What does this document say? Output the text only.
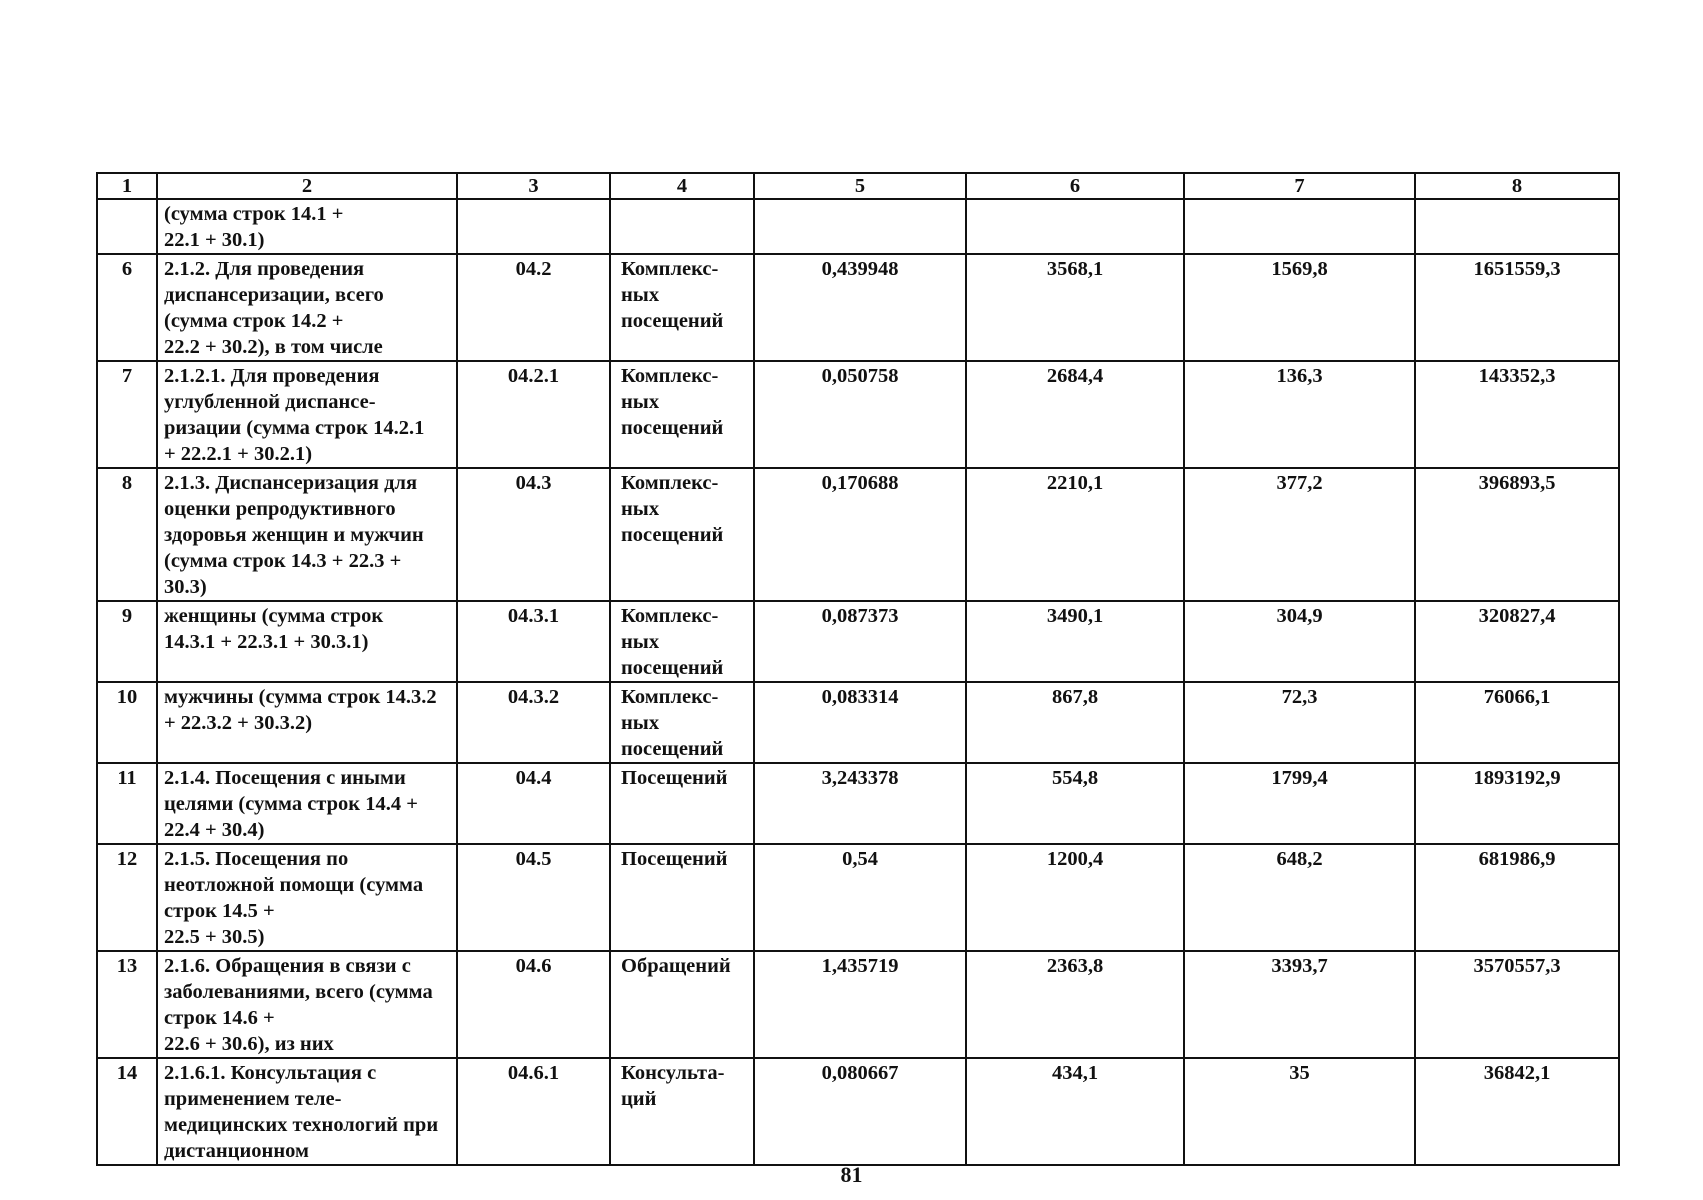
1	2	3	4	5	6	7	8
	(сумма строк 14.1 +
22.1 + 30.1)						
6	2.1.2. Для проведения
диспансеризации, всего
(сумма строк 14.2 +
22.2 + 30.2), в том числе	04.2	Комплекс-
ных
посещений	0,439948	3568,1	1569,8	1651559,3
7	2.1.2.1. Для проведения
углубленной диспансе-
ризации (сумма строк 14.2.1
+ 22.2.1 + 30.2.1)	04.2.1	Комплекс-
ных
посещений	0,050758	2684,4	136,3	143352,3
8	2.1.3. Диспансеризация для
оценки репродуктивного
здоровья женщин и мужчин
(сумма строк 14.3 + 22.3 +
30.3)	04.3	Комплекс-
ных
посещений	0,170688	2210,1	377,2	396893,5
9	женщины (сумма строк
14.3.1 + 22.3.1 + 30.3.1)	04.3.1	Комплекс-
ных
посещений	0,087373	3490,1	304,9	320827,4
10	мужчины (сумма строк 14.3.2
+ 22.3.2 + 30.3.2)	04.3.2	Комплекс-
ных
посещений	0,083314	867,8	72,3	76066,1
11	2.1.4. Посещения с иными
целями (сумма строк 14.4 +
22.4 + 30.4)	04.4	Посещений	3,243378	554,8	1799,4	1893192,9
12	2.1.5. Посещения по
неотложной помощи (сумма
строк 14.5 +
22.5 + 30.5)	04.5	Посещений	0,54	1200,4	648,2	681986,9
13	2.1.6. Обращения в связи с
заболеваниями, всего (сумма
строк 14.6 +
22.6 + 30.6), из них	04.6	Обращений	1,435719	2363,8	3393,7	3570557,3
14	2.1.6.1. Консультация с
применением теле-
медицинских технологий при
дистанционном	04.6.1	Консульта-
ций	0,080667	434,1	35	36842,1
81
